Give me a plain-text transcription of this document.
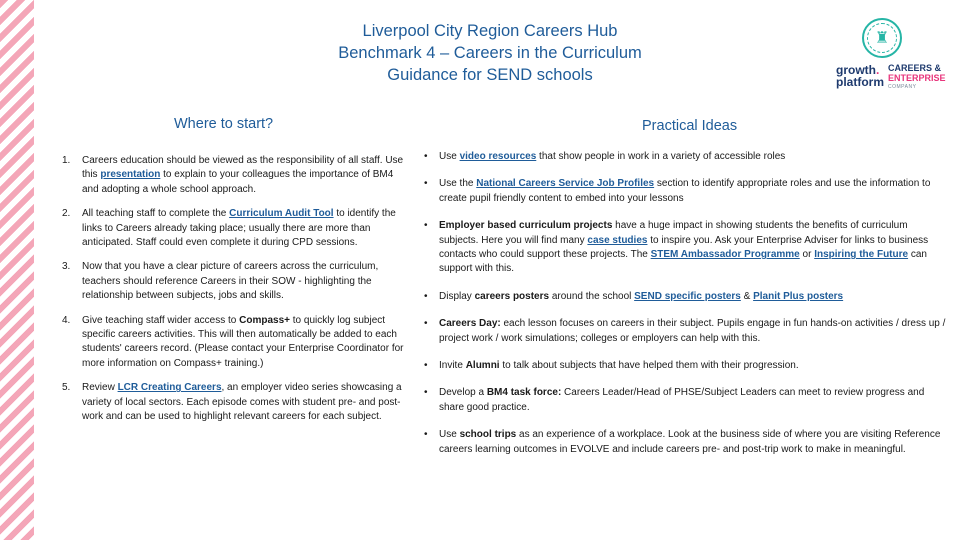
Liverpool City Region Careers Hub
Benchmark 4 – Careers in the Curriculum
Guidance for SEND schools
♜
growth.
platform
CAREERS &
ENTERPRISE
COMPANY
Where to start?	Practical Ideas
1. Careers education should be viewed as the responsibility of all staff. Use this presentation to explain to your colleagues the importance of BM4 and adopting a whole school approach.
2. All teaching staff to complete the Curriculum Audit Tool to identify the links to Careers already taking place; usually there are more than anticipated. Staff could even complete it during CPD sessions.
3. Now that you have a clear picture of careers across the curriculum, teachers should reference Careers in their SOW - highlighting the relationship between subjects, jobs and skills.
4. Give teaching staff wider access to Compass+ to quickly log subject specific careers activities. This will then automatically be added to each students' careers record. (Please contact your Enterprise Coordinator for more information on Compass+ training.)
5. Review LCR Creating Careers, an employer video series showcasing a variety of local sectors. Each episode comes with student pre- and post-work and can be used to highlight relevant careers for each subject.
• Use video resources that show people in work in a variety of accessible roles
• Use the National Careers Service Job Profiles section to identify appropriate roles and use the information to create pupil friendly content to embed into your lessons
• Employer based curriculum projects have a huge impact in showing students the benefits of curriculum subjects. Here you will find many case studies to inspire you. Ask your Enterprise Adviser for links to business contacts who could support these projects. The STEM Ambassador Programme or Inspiring the Future can support with this.
• Display careers posters around the school SEND specific posters & Planit Plus posters
• Careers Day: each lesson focuses on careers in their subject. Pupils engage in fun hands-on activities / dress up / project work / work simulations; colleges or employers can help with this.
• Invite Alumni to talk about subjects that have helped them with their progression.
• Develop a BM4 task force: Careers Leader/Head of PHSE/Subject Leaders can meet to review progress and share good practice.
• Use school trips as an experience of a workplace. Look at the business side of where you are visiting Reference careers learning outcomes in EVOLVE and include careers pre- and post-trip work to make in meaningful.
